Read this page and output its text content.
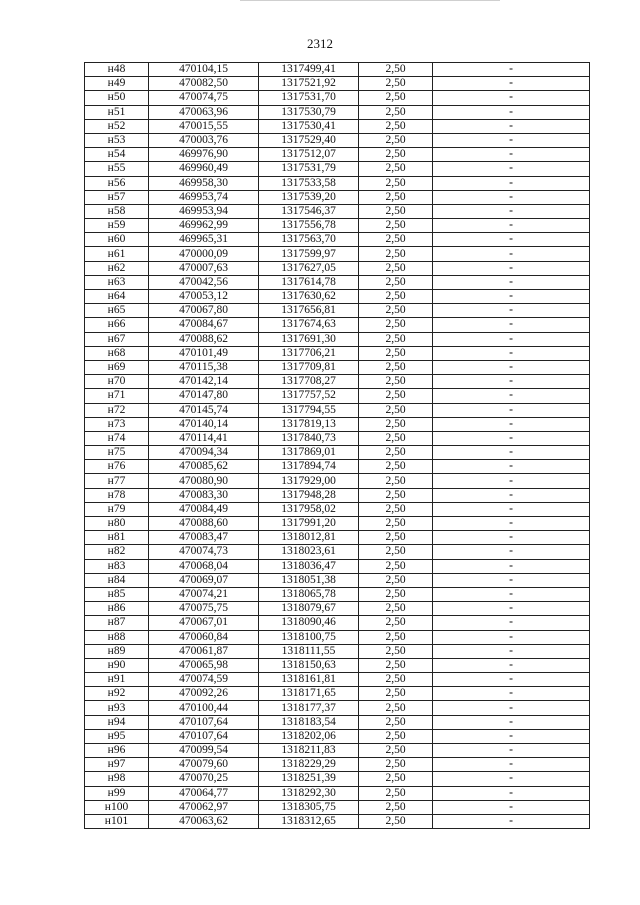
2312
н48	470104,15	1317499,41	2,50	-
н49	470082,50	1317521,92	2,50	-
н50	470074,75	1317531,70	2,50	-
н51	470063,96	1317530,79	2,50	-
н52	470015,55	1317530,41	2,50	-
н53	470003,76	1317529,40	2,50	-
н54	469976,90	1317512,07	2,50	-
н55	469960,49	1317531,79	2,50	-
н56	469958,30	1317533,58	2,50	-
н57	469953,74	1317539,20	2,50	-
н58	469953,94	1317546,37	2,50	-
н59	469962,99	1317556,78	2,50	-
н60	469965,31	1317563,70	2,50	-
н61	470000,09	1317599,97	2,50	-
н62	470007,63	1317627,05	2,50	-
н63	470042,56	1317614,78	2,50	-
н64	470053,12	1317630,62	2,50	-
н65	470067,80	1317656,81	2,50	-
н66	470084,67	1317674,63	2,50	-
н67	470088,62	1317691,30	2,50	-
н68	470101,49	1317706,21	2,50	-
н69	470115,38	1317709,81	2,50	-
н70	470142,14	1317708,27	2,50	-
н71	470147,80	1317757,52	2,50	-
н72	470145,74	1317794,55	2,50	-
н73	470140,14	1317819,13	2,50	-
н74	470114,41	1317840,73	2,50	-
н75	470094,34	1317869,01	2,50	-
н76	470085,62	1317894,74	2,50	-
н77	470080,90	1317929,00	2,50	-
н78	470083,30	1317948,28	2,50	-
н79	470084,49	1317958,02	2,50	-
н80	470088,60	1317991,20	2,50	-
н81	470083,47	1318012,81	2,50	-
н82	470074,73	1318023,61	2,50	-
н83	470068,04	1318036,47	2,50	-
н84	470069,07	1318051,38	2,50	-
н85	470074,21	1318065,78	2,50	-
н86	470075,75	1318079,67	2,50	-
н87	470067,01	1318090,46	2,50	-
н88	470060,84	1318100,75	2,50	-
н89	470061,87	1318111,55	2,50	-
н90	470065,98	1318150,63	2,50	-
н91	470074,59	1318161,81	2,50	-
н92	470092,26	1318171,65	2,50	-
н93	470100,44	1318177,37	2,50	-
н94	470107,64	1318183,54	2,50	-
н95	470107,64	1318202,06	2,50	-
н96	470099,54	1318211,83	2,50	-
н97	470079,60	1318229,29	2,50	-
н98	470070,25	1318251,39	2,50	-
н99	470064,77	1318292,30	2,50	-
н100	470062,97	1318305,75	2,50	-
н101	470063,62	1318312,65	2,50	-
